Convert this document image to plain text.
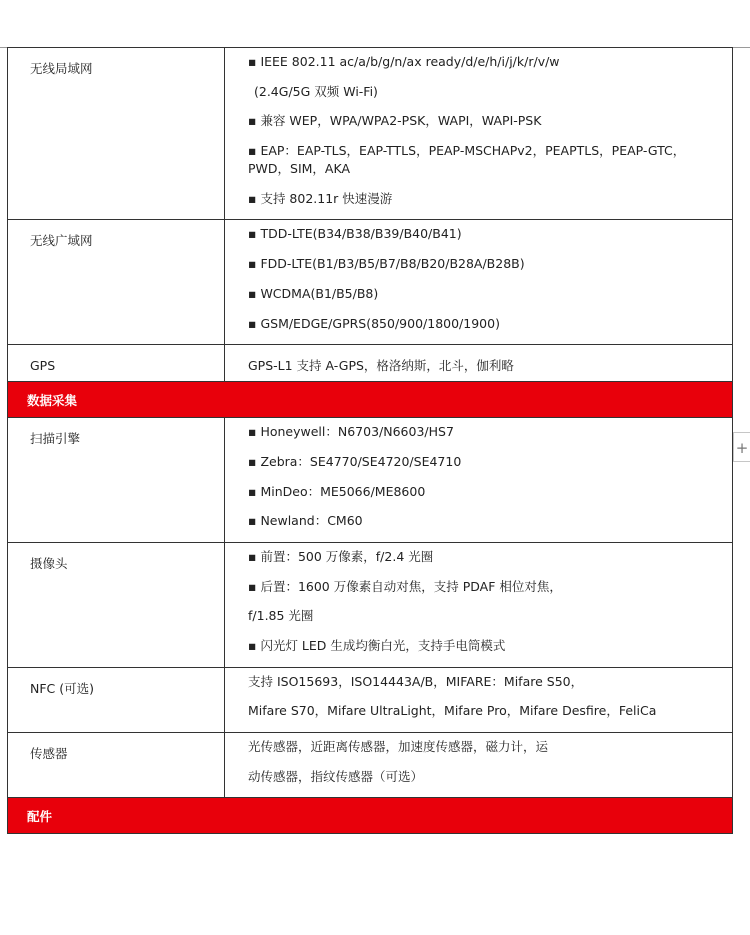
无线局域网	▪ IEEE 802.11 ac/a/b/g/n/ax ready/d/e/h/i/j/k/r/v/w
(2.4G/5G 双频 Wi-Fi)
▪ 兼容 WEP，WPA/WPA2-PSK，WAPI，WAPI-PSK
▪ EAP：EAP-TLS，EAP-TTLS，PEAP-MSCHAPv2，PEAPTLS，PEAP-GTC，PWD，SIM，AKA
▪ 支持 802.11r 快速漫游

无线广域网	▪ TDD-LTE(B34/B38/B39/B40/B41)
▪ FDD-LTE(B1/B3/B5/B7/B8/B20/B28A/B28B)
▪ WCDMA(B1/B5/B8)
▪ GSM/EDGE/GPRS(850/900/1800/1900)

GPS	GPS-L1 支持 A-GPS，格洛纳斯，北斗，伽利略

数据采集	
扫描引擎	▪ Honeywell：N6703/N6603/HS7
▪ Zebra：SE4770/SE4720/SE4710
▪ MinDeo：ME5066/ME8600
▪ Newland：CM60

摄像头	▪ 前置：500 万像素，f/2.4 光圈
▪ 后置：1600 万像素自动对焦，支持 PDAF 相位对焦，
f/1.85 光圈
▪ 闪光灯 LED 生成均衡白光，支持手电筒模式

NFC (可选)	支持 ISO15693，ISO14443A/B，MIFARE：Mifare S50，
Mifare S70，Mifare UltraLight，Mifare Pro，Mifare Desfire，FeliCa

传感器	光传感器，近距离传感器，加速度传感器，磁力计，运
动传感器，指纹传感器（可选）

配件	
+
